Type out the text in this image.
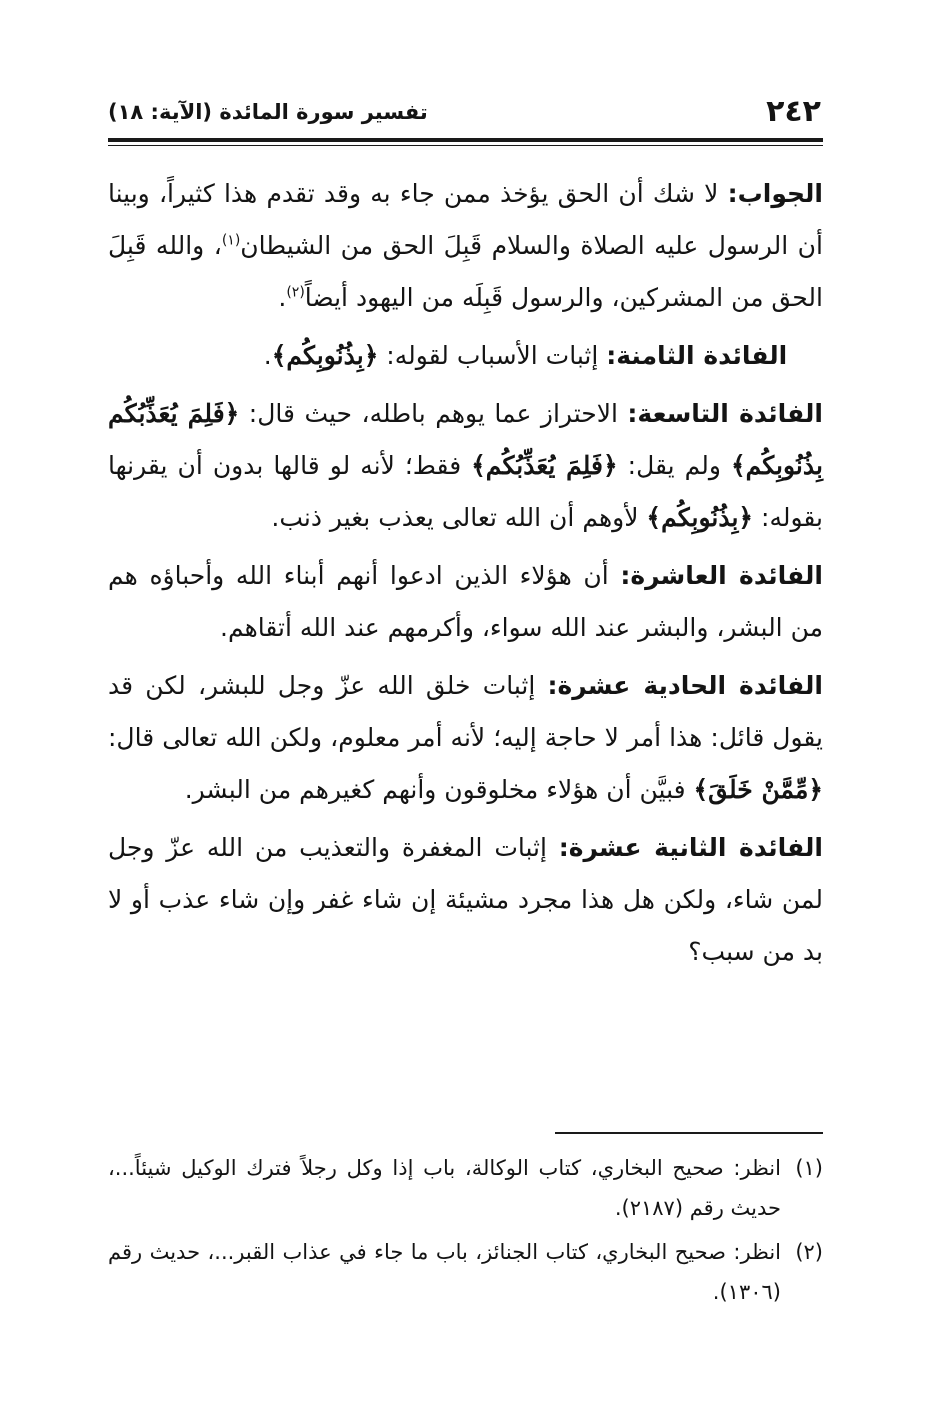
٢٤٢
تفسير سورة المائدة (الآية: ١٨)

الجواب: لا شك أن الحق يؤخذ ممن جاء به وقد تقدم هذا كثيراً، وبينا أن الرسول عليه الصلاة والسلام قَبِلَ الحق من الشيطان$^{(١)}$، والله قَبِلَ الحق من المشركين، والرسول قَبِلَه من اليهود أيضاً$^{(٢)}$.

الفائدة الثامنة: إثبات الأسباب لقوله: ﴿بِذُنُوبِكُم﴾.

الفائدة التاسعة: الاحتراز عما يوهم باطله، حيث قال: ﴿فَلِمَ يُعَذِّبُكُم بِذُنُوبِكُم﴾ ولم يقل: ﴿فَلِمَ يُعَذِّبُكُم﴾ فقط؛ لأنه لو قالها بدون أن يقرنها بقوله: ﴿بِذُنُوبِكُم﴾ لأوهم أن الله تعالى يعذب بغير ذنب.

الفائدة العاشرة: أن هؤلاء الذين ادعوا أنهم أبناء الله وأحباؤه هم من البشر، والبشر عند الله سواء، وأكرمهم عند الله أتقاهم.

الفائدة الحادية عشرة: إثبات خلق الله عزّ وجل للبشر، لكن قد يقول قائل: هذا أمر لا حاجة إليه؛ لأنه أمر معلوم، ولكن الله تعالى قال: ﴿مِّمَّنْ خَلَقَ﴾ فبيَّن أن هؤلاء مخلوقون وأنهم كغيرهم من البشر.

الفائدة الثانية عشرة: إثبات المغفرة والتعذيب من الله عزّ وجل لمن شاء، ولكن هل هذا مجرد مشيئة إن شاء غفر وإن شاء عذب أو لا بد من سبب؟

(١)
انظر: صحيح البخاري، كتاب الوكالة، باب إذا وكل رجلاً فترك الوكيل شيئاً...، حديث رقم (٢١٨٧).
(٢)
انظر: صحيح البخاري، كتاب الجنائز، باب ما جاء في عذاب القبر...، حديث رقم (١٣٠٦).
